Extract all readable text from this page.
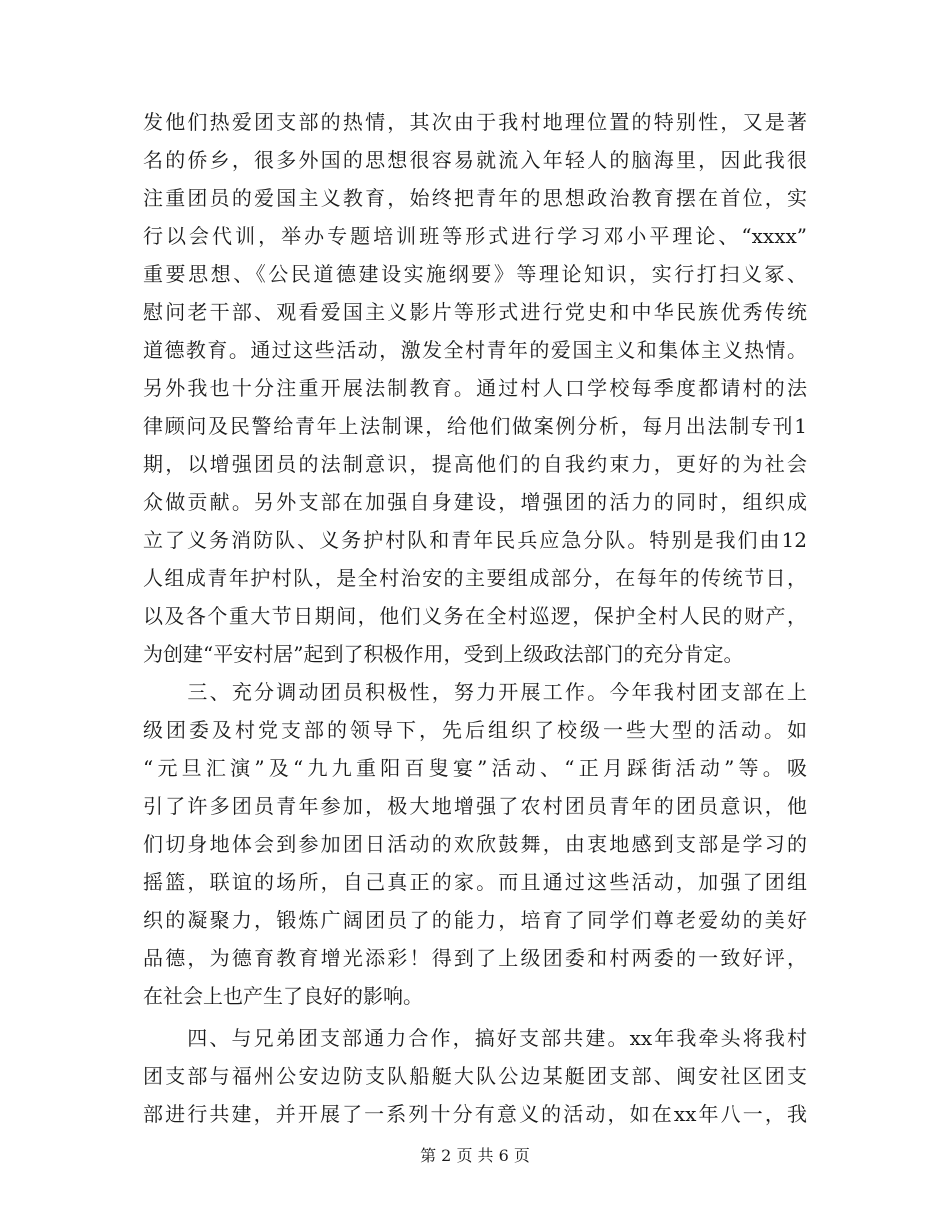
发他们热爱团支部的热情，其次由于我村地理位置的特别性，又是著
名的侨乡，很多外国的思想很容易就流入年轻人的脑海里，因此我很
注重团员的爱国主义教育，始终把青年的思想政治教育摆在首位，实
行以会代训，举办专题培训班等形式进行学习邓小平理论、“xxxx”
重要思想、《公民道德建设实施纲要》等理论知识，实行打扫义冢、
慰问老干部、观看爱国主义影片等形式进行党史和中华民族优秀传统
道德教育。通过这些活动，激发全村青年的爱国主义和集体主义热情。
另外我也十分注重开展法制教育。通过村人口学校每季度都请村的法
律顾问及民警给青年上法制课，给他们做案例分析，每月出法制专刊1
期，以增强团员的法制意识，提高他们的自我约束力，更好的为社会
众做贡献。另外支部在加强自身建设，增强团的活力的同时，组织成
立了义务消防队、义务护村队和青年民兵应急分队。特别是我们由12
人组成青年护村队，是全村治安的主要组成部分，在每年的传统节日，
以及各个重大节日期间，他们义务在全村巡逻，保护全村人民的财产，
为创建“平安村居”起到了积极作用，受到上级政法部门的充分肯定。
　　三、充分调动团员积极性，努力开展工作。今年我村团支部在上
级团委及村党支部的领导下，先后组织了校级一些大型的活动。如
“元旦汇演”及“九九重阳百叟宴”活动、“正月踩街活动”等。吸
引了许多团员青年参加，极大地增强了农村团员青年的团员意识，他
们切身地体会到参加团日活动的欢欣鼓舞，由衷地感到支部是学习的
摇篮，联谊的场所，自己真正的家。而且通过这些活动，加强了团组
织的凝聚力，锻炼广阔团员了的能力，培育了同学们尊老爱幼的美好
品德，为德育教育增光添彩！得到了上级团委和村两委的一致好评，
在社会上也产生了良好的影响。
　　四、与兄弟团支部通力合作，搞好支部共建。xx年我牵头将我村
团支部与福州公安边防支队船艇大队公边某艇团支部、闽安社区团支
部进行共建，并开展了一系列十分有意义的活动，如在xx年八一，我
第 2 页 共 6 页
